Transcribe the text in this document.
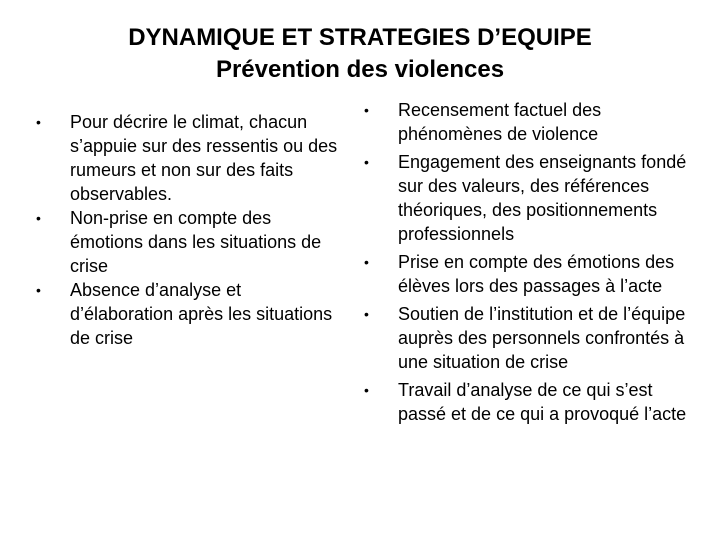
DYNAMIQUE ET STRATEGIES D’EQUIPE
Prévention des violences
•	Pour décrire le climat, chacun s’appuie sur des ressentis ou des rumeurs et non sur des faits observables.
•	Non-prise en compte des émotions dans les situations de crise
•	Absence d’analyse et d’élaboration après les situations de crise
•	Recensement factuel des phénomènes de violence
•	Engagement des enseignants fondé sur des valeurs, des références théoriques, des positionnements professionnels
•	Prise en compte des émotions des élèves lors des passages à l’acte
•	Soutien de l’institution et de l’équipe auprès des personnels confrontés à une situation de crise
•	Travail d’analyse de ce qui s’est passé et de ce qui a provoqué l’acte
